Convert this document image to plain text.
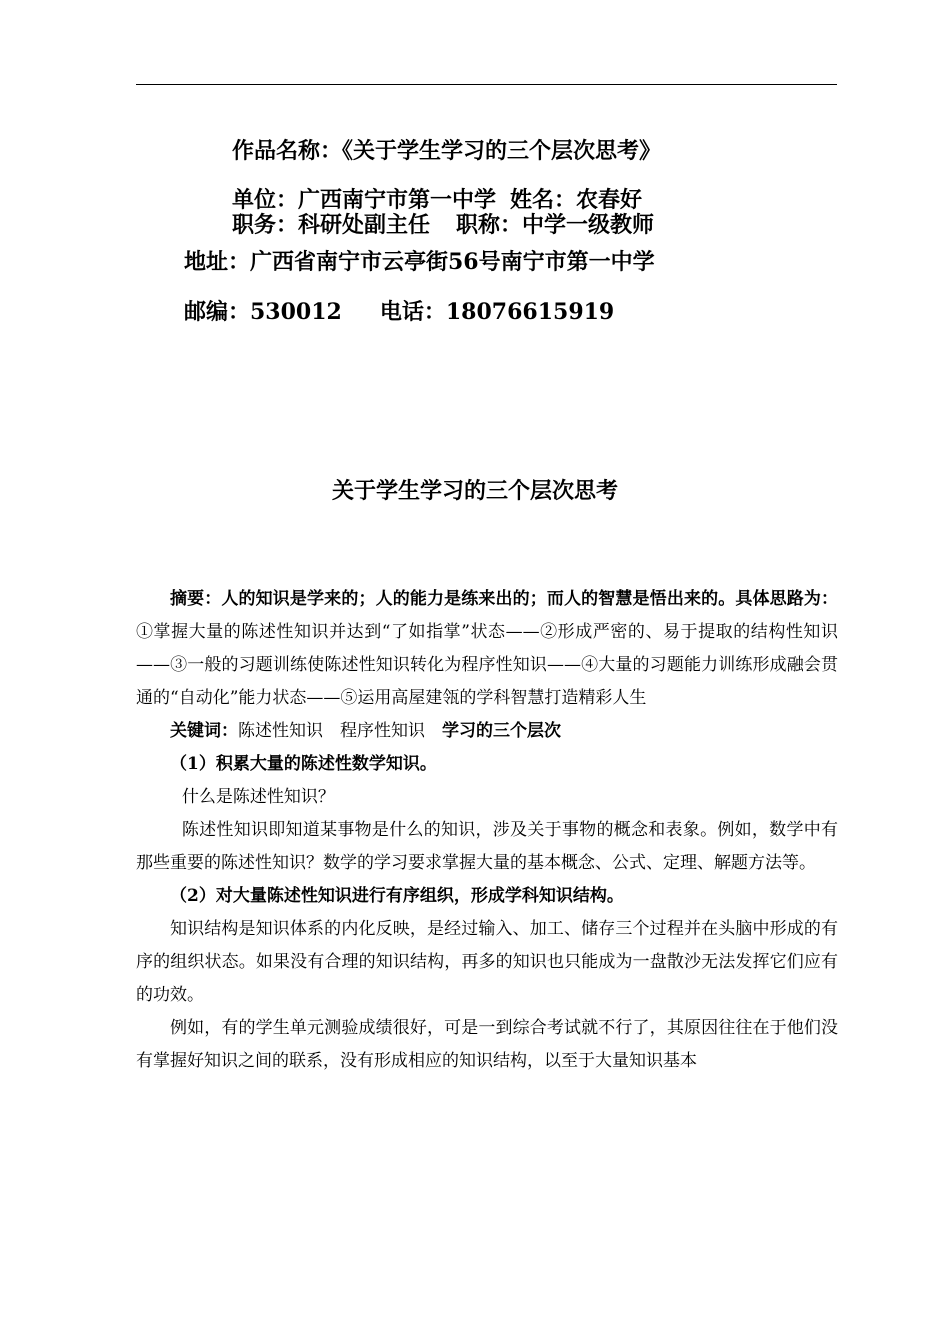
作品名称：《关于学生学习的三个层次思考》
单位：广西南宁市第一中学 姓名：农春好
职务：科研处副主任 职称：中学一级教师
地址：广西省南宁市云亭街56号南宁市第一中学
邮编：530012 电话：18076615919
关于学生学习的三个层次思考

摘要：人的知识是学来的；人的能力是练来出的；而人的智慧是悟出来的。具体思路为：①掌握大量的陈述性知识并达到“了如指掌”状态——②形成严密的、易于提取的结构性知识——③一般的习题训练使陈述性知识转化为程序性知识——④大量的习题能力训练形成融会贯通的“自动化”能力状态——⑤运用高屋建瓴的学科智慧打造精彩人生

关键词：陈述性知识 程序性知识 学习的三个层次

（1）积累大量的陈述性数学知识。

什么是陈述性知识？

陈述性知识即知道某事物是什么的知识，涉及关于事物的概念和表象。例如，数学中有那些重要的陈述性知识？数学的学习要求掌握大量的基本概念、公式、定理、解题方法等。

（2）对大量陈述性知识进行有序组织，形成学科知识结构。

知识结构是知识体系的内化反映，是经过输入、加工、储存三个过程并在头脑中形成的有序的组织状态。如果没有合理的知识结构，再多的知识也只能成为一盘散沙无法发挥它们应有的功效。

例如，有的学生单元测验成绩很好，可是一到综合考试就不行了，其原因往往在于他们没有掌握好知识之间的联系，没有形成相应的知识结构，以至于大量知识基本
